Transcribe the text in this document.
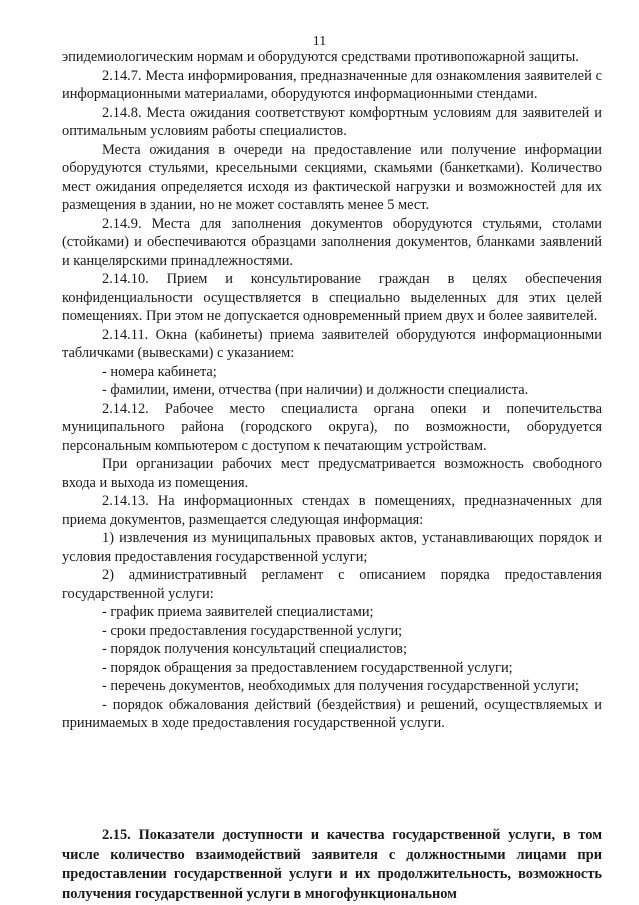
11

эпидемиологическим нормам и оборудуются средствами противопожарной защиты.

2.14.7. Места информирования, предназначенные для ознакомления заявителей с информационными материалами, оборудуются информационными стендами.

2.14.8. Места ожидания соответствуют комфортным условиям для заявителей и оптимальным условиям работы специалистов.

Места ожидания в очереди на предоставление или получение информации оборудуются стульями, кресельными секциями, скамьями (банкетками). Количество мест ожидания определяется исходя из фактической нагрузки и возможностей для их размещения в здании, но не может составлять менее 5 мест.

2.14.9. Места для заполнения документов оборудуются стульями, столами (стойками) и обеспечиваются образцами заполнения документов, бланками заявлений и канцелярскими принадлежностями.

2.14.10. Прием и консультирование граждан в целях обеспечения конфиденциальности осуществляется в специально выделенных для этих целей помещениях. При этом не допускается одновременный прием двух и более заявителей.

2.14.11. Окна (кабинеты) приема заявителей оборудуются информационными табличками (вывесками) с указанием:

- номера кабинета;

- фамилии, имени, отчества (при наличии) и должности специалиста.

2.14.12. Рабочее место специалиста органа опеки и попечительства муниципального района (городского округа), по возможности, оборудуется персональным компьютером с доступом к печатающим устройствам.

При организации рабочих мест предусматривается возможность свободного входа и выхода из помещения.

2.14.13. На информационных стендах в помещениях, предназначенных для приема документов, размещается следующая информация:

1) извлечения из муниципальных правовых актов, устанавливающих порядок и условия предоставления государственной услуги;

2) административный регламент с описанием порядка предоставления государственной услуги:

- график приема заявителей специалистами;

- сроки предоставления государственной услуги;

- порядок получения консультаций специалистов;

- порядок обращения за предоставлением государственной услуги;

- перечень документов, необходимых для получения государственной услуги;

- порядок обжалования действий (бездействия) и решений, осуществляемых и принимаемых в ходе предоставления государственной услуги.

2.15. Показатели доступности и качества государственной услуги, в том числе количество взаимодействий заявителя с должностными лицами при предоставлении государственной услуги и их продолжительность, возможность получения государственной услуги в многофункциональном
